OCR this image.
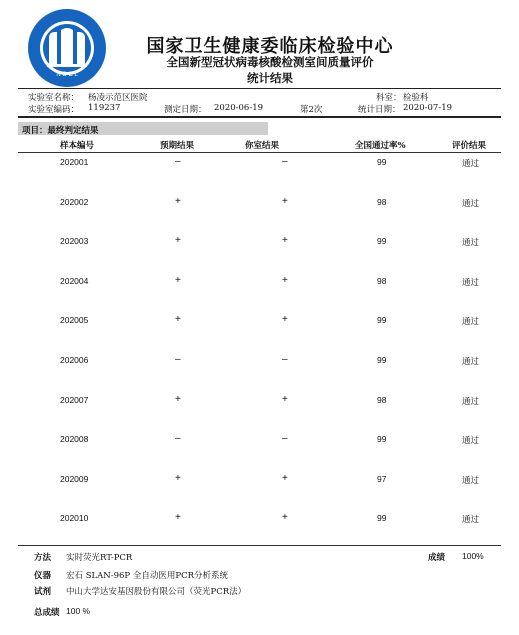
N C C L
国家卫生健康委临床检验中心
全国新型冠状病毒核酸检测室间质量评价
统计结果
实验室名称： 杨凌示范区医院	科室： 检验科
实验室编码： 119237	测定日期： 2020-06-19	第2次	统计日期： 2020-07-19
项目：最终判定结果
样本编号	预期结果	你室结果	全国通过率%	评价结果
202001	–	–	99	通过
202002	+	+	98	通过
202003	+	+	99	通过
202004	+	+	98	通过
202005	+	+	99	通过
202006	–	–	99	通过
202007	+	+	98	通过
202008	–	–	99	通过
202009	+	+	97	通过
202010	+	+	99	通过
方法 实时荧光RT-PCR	成绩 100%
仪器 宏石 SLAN-96P 全自动医用PCR分析系统
试剂 中山大学达安基因股份有限公司（荧光PCR法）
总成绩 100 %
